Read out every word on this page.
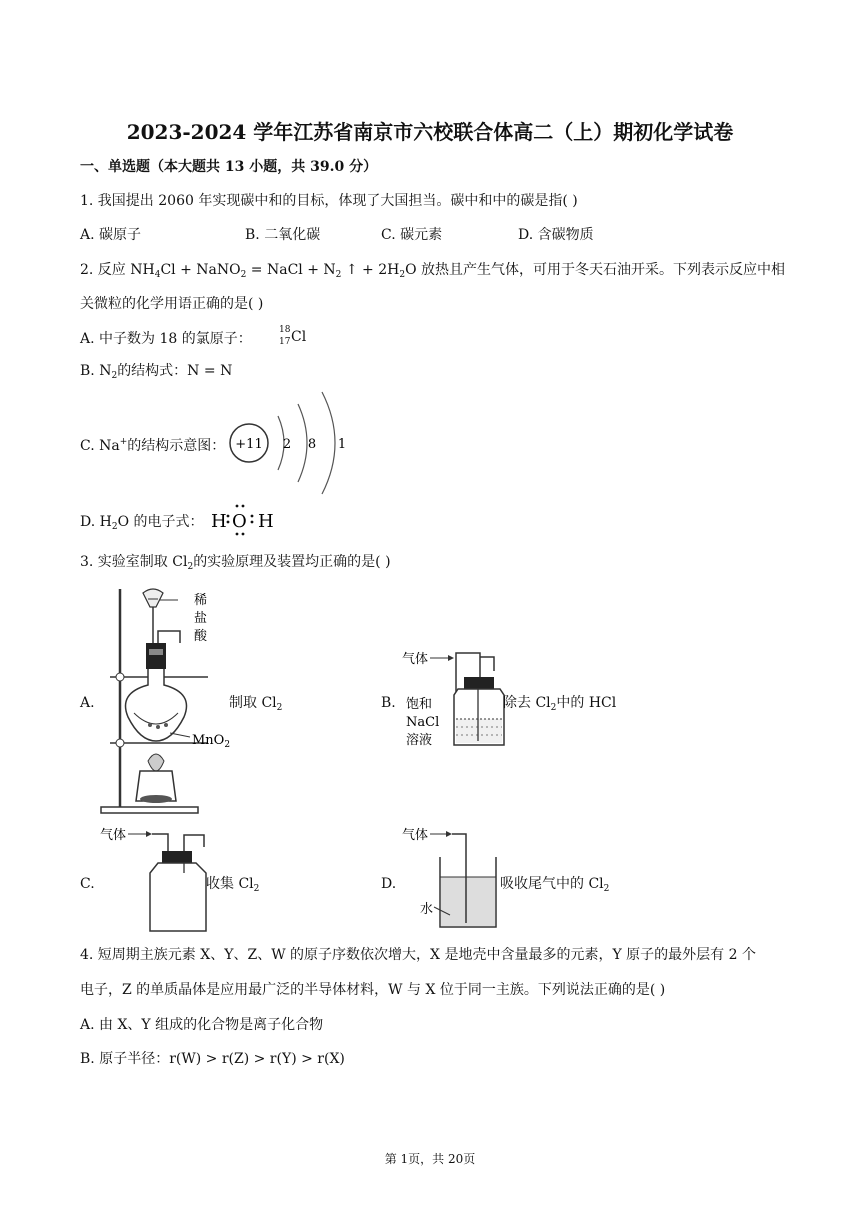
2023-2024 学年江苏省南京市六校联合体高二（上）期初化学试卷
一、单选题（本大题共 13 小题，共 39.0 分）
1. 我国提出 2060 年实现碳中和的目标，体现了大国担当。碳中和中的碳是指( )
A. 碳原子	B. 二氧化碳	C. 碳元素	D. 含碳物质
2. 反应 $NH_4Cl$ + NaNO$_2$ = NaCl + $N_2$ ↑ + $2H_2O$ 放热且产生气体，可用于冬天石油开采。下列表示反应中相
关微粒的化学用语正确的是( )
A. 中子数为 18 的氯原子：
18
17 Cl
B. $N_2$的结构式：N = N
C. Na+的结构示意图： +11 2 8 1
D. $H_2O$ 的电子式： H O H
3. 实验室制取 $Cl_2$的实验原理及装置均正确的是( )
A.
稀
盐
酸
MnO$_2$
制取 $Cl_2$	B.
气体
饱和
NaCl
溶液
除去 $Cl_2$中的 HCl
C.
气体
收集 $Cl_2$	D.
气体
水
吸收尾气中的 $Cl_2$
4. 短周期主族元素 X、Y、Z、W 的原子序数依次增大，X 是地壳中含量最多的元素，Y 原子的最外层有 2 个
电子，Z 的单质晶体是应用最广泛的半导体材料，W 与 X 位于同一主族。下列说法正确的是( )
A. 由 X、Y 组成的化合物是离子化合物
B. 原子半径：r(W) > r(Z) > r(Y) > r(X)
第 1页，共 20页
